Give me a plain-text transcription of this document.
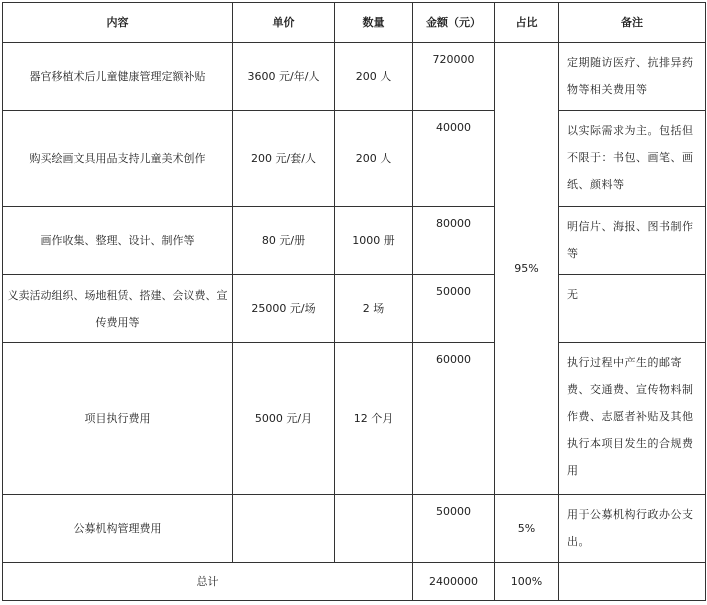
内容	单价	数量	金额（元）	占比	备注
器官移植术后儿童健康管理定额补贴	3600 元/年/人	200 人	720000	95%	定期随访医疗、抗排异药物等相关费用等
购买绘画文具用品支持儿童美术创作	200 元/套/人	200 人	40000		以实际需求为主。包括但不限于：书包、画笔、画纸、颜料等
画作收集、整理、设计、制作等	80 元/册	1000 册	80000		明信片、海报、图书制作等
义卖活动组织、场地租赁、搭建、会议费、宣传费用等	25000 元/场	2 场	50000		无
项目执行费用	5000 元/月	12 个月	60000		执行过程中产生的邮寄费、交通费、宣传物料制作费、志愿者补贴及其他执行本项目发生的合规费用
公募机构管理费用			50000	5%	用于公募机构行政办公支出。
总计			2400000	100%	
